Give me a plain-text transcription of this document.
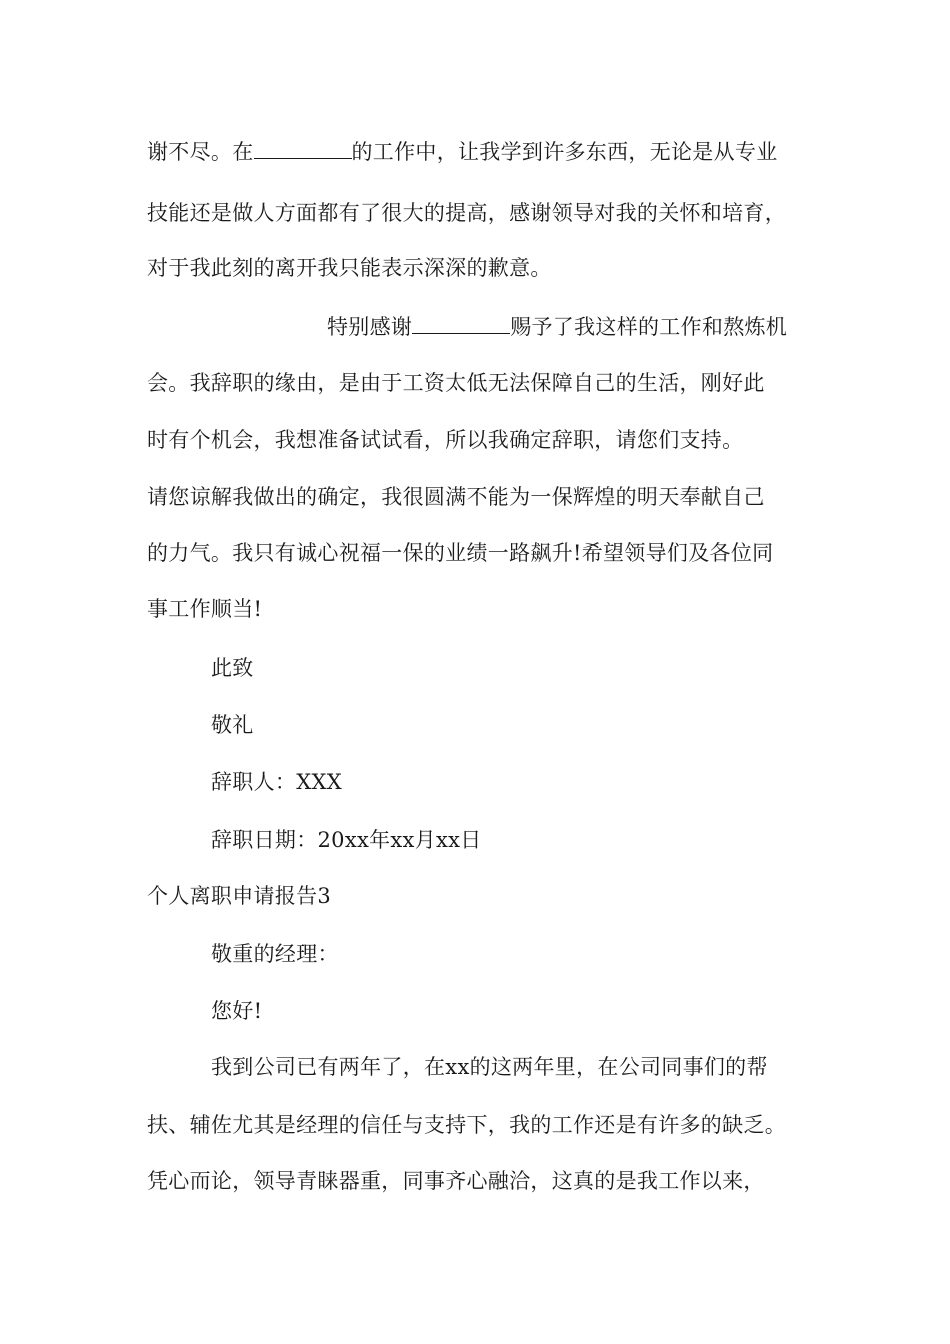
谢不尽。在	的工作中，让我学到许多东西，无论是从专业
技能还是做人方面都有了很大的提高，感谢领导对我的关怀和培育，
对于我此刻的离开我只能表示深深的歉意。
特别感谢	赐予了我这样的工作和熬炼机
会。我辞职的缘由，是由于工资太低无法保障自己的生活，刚好此
时有个机会，我想准备试试看，所以我确定辞职，请您们支持。
请您谅解我做出的确定，我很圆满不能为一保辉煌的明天奉献自己
的力气。我只有诚心祝福一保的业绩一路飙升!希望领导们及各位同
事工作顺当!
此致
敬礼
辞职人：XXX
辞职日期：20xx年xx月xx日
个人离职申请报告3
敬重的经理：
您好!
我到公司已有两年了，在xx的这两年里，在公司同事们的帮
扶、辅佐尤其是经理的信任与支持下，我的工作还是有许多的缺乏。
凭心而论，领导青睐器重，同事齐心融洽，这真的是我工作以来，
